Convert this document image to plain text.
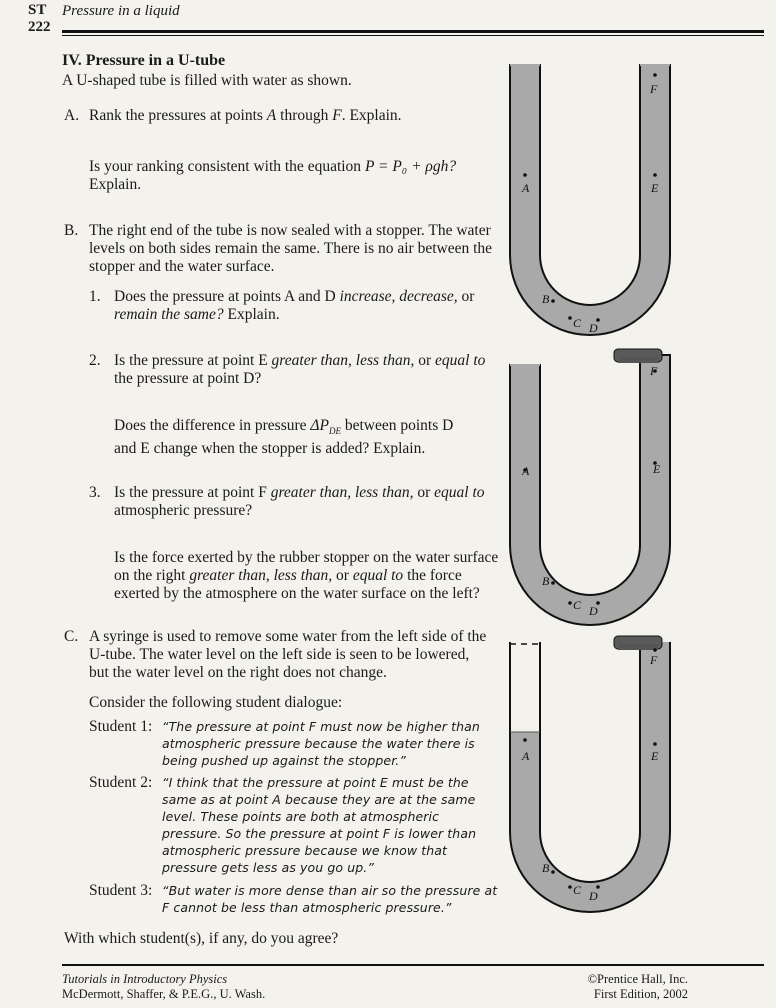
ST
222
Pressure in a liquid
IV. Pressure in a U-tube
A U-shaped tube is filled with water as shown.
A. Rank the pressures at points A through F. Explain.
Is your ranking consistent with the equation P = P₀ + ρgh?
Explain.
B. The right end of the tube is now sealed with a stopper. The water levels on both sides remain the same. There is no air between the stopper and the water surface.
1. Does the pressure at points A and D increase, decrease, or
remain the same? Explain.
2. Is the pressure at point E greater than, less than, or equal to
the pressure at point D?
Does the difference in pressure $\Delta P_{DE}$ between points D
and E change when the stopper is added? Explain.
3. Is the pressure at point F greater than, less than, or equal to
atmospheric pressure?
Is the force exerted by the rubber stopper on the water surface
on the right greater than, less than, or equal to the force
exerted by the atmosphere on the water surface on the left?
C. A syringe is used to remove some water from the left side of the U-tube. The water level on the left side is seen to be lowered, but the water level on the right does not change.
Consider the following student dialogue:
Student 1: “The pressure at point F must now be higher than
atmospheric pressure because the water there is
being pushed up against the stopper.”
Student 2: “I think that the pressure at point E must be the
same as at point A because they are at the same
level. These points are both at atmospheric
pressure. So the pressure at point F is lower than
atmospheric pressure because we know that
pressure gets less as you go up.”
Student 3: “But water is more dense than air so the pressure at
F cannot be less than atmospheric pressure.”
With which student(s), if any, do you agree?
Tutorials in Introductory Physics
McDermott, Shaffer, & P.E.G., U. Wash.
©Prentice Hall, Inc.
First Edition, 2002
A	E
F
B
C D
A	E
F
B
C D
A	E
F
B
C D
